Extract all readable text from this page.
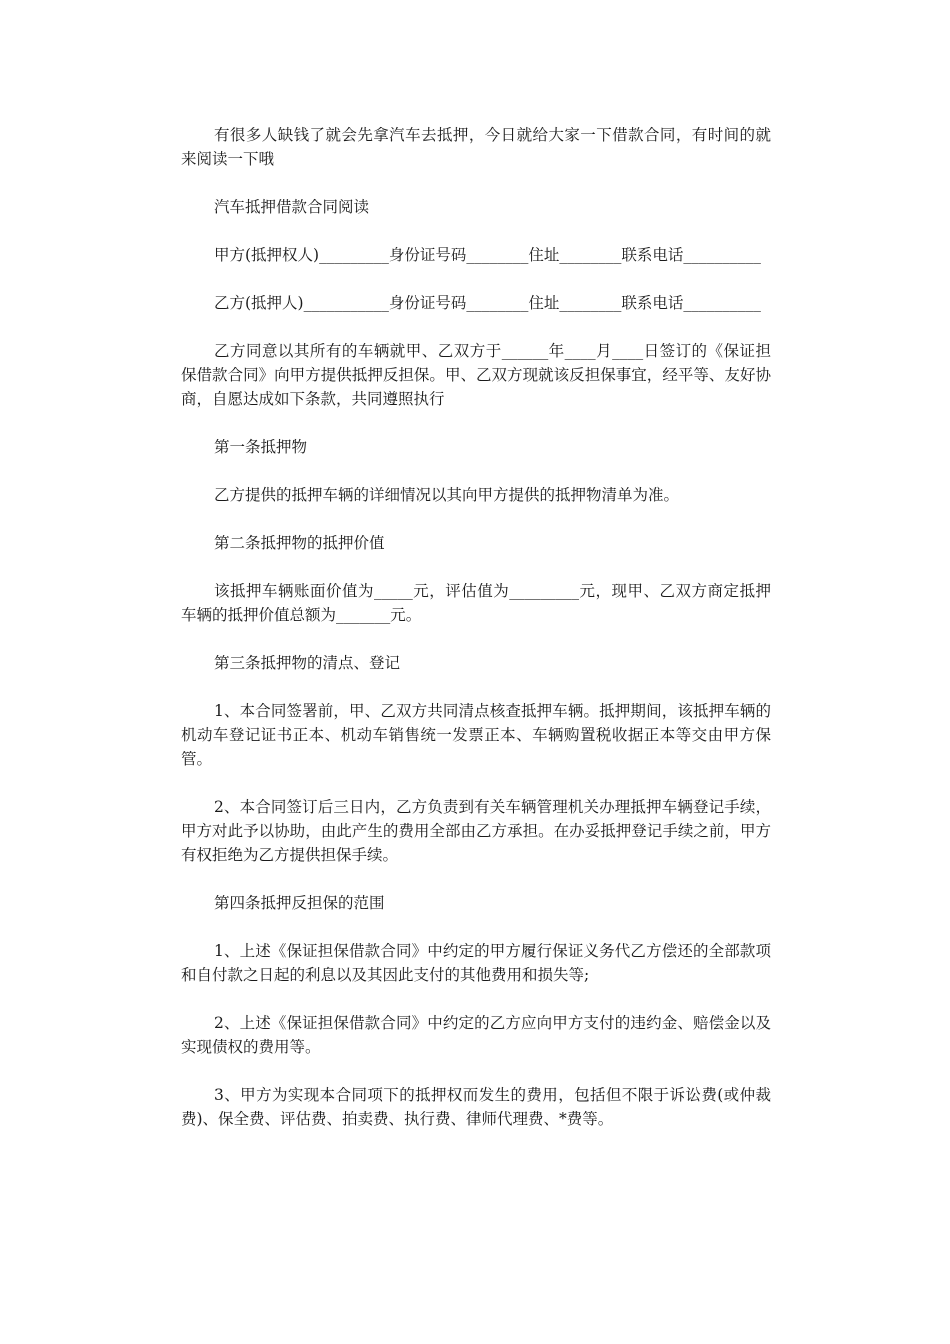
有很多人缺钱了就会先拿汽车去抵押，今日就给大家一下借款合同，有时间的就来阅读一下哦

汽车抵押借款合同阅读

甲方(抵押权人)_________身份证号码________住址________联系电话__________

乙方(抵押人)___________身份证号码________住址________联系电话__________

乙方同意以其所有的车辆就甲、乙双方于______年____月____日签订的《保证担保借款合同》向甲方提供抵押反担保。甲、乙双方现就该反担保事宜，经平等、友好协商，自愿达成如下条款，共同遵照执行

第一条抵押物

乙方提供的抵押车辆的详细情况以其向甲方提供的抵押物清单为准。

第二条抵押物的抵押价值

该抵押车辆账面价值为_____元，评估值为_________元，现甲、乙双方商定抵押车辆的抵押价值总额为_______元。

第三条抵押物的清点、登记

1、本合同签署前，甲、乙双方共同清点核查抵押车辆。抵押期间，该抵押车辆的机动车登记证书正本、机动车销售统一发票正本、车辆购置税收据正本等交由甲方保管。

2、本合同签订后三日内，乙方负责到有关车辆管理机关办理抵押车辆登记手续，甲方对此予以协助，由此产生的费用全部由乙方承担。在办妥抵押登记手续之前，甲方有权拒绝为乙方提供担保手续。

第四条抵押反担保的范围

1、上述《保证担保借款合同》中约定的甲方履行保证义务代乙方偿还的全部款项和自付款之日起的利息以及其因此支付的其他费用和损失等;

2、上述《保证担保借款合同》中约定的乙方应向甲方支付的违约金、赔偿金以及实现债权的费用等。

3、甲方为实现本合同项下的抵押权而发生的费用，包括但不限于诉讼费(或仲裁费)、保全费、评估费、拍卖费、执行费、律师代理费、*费等。
